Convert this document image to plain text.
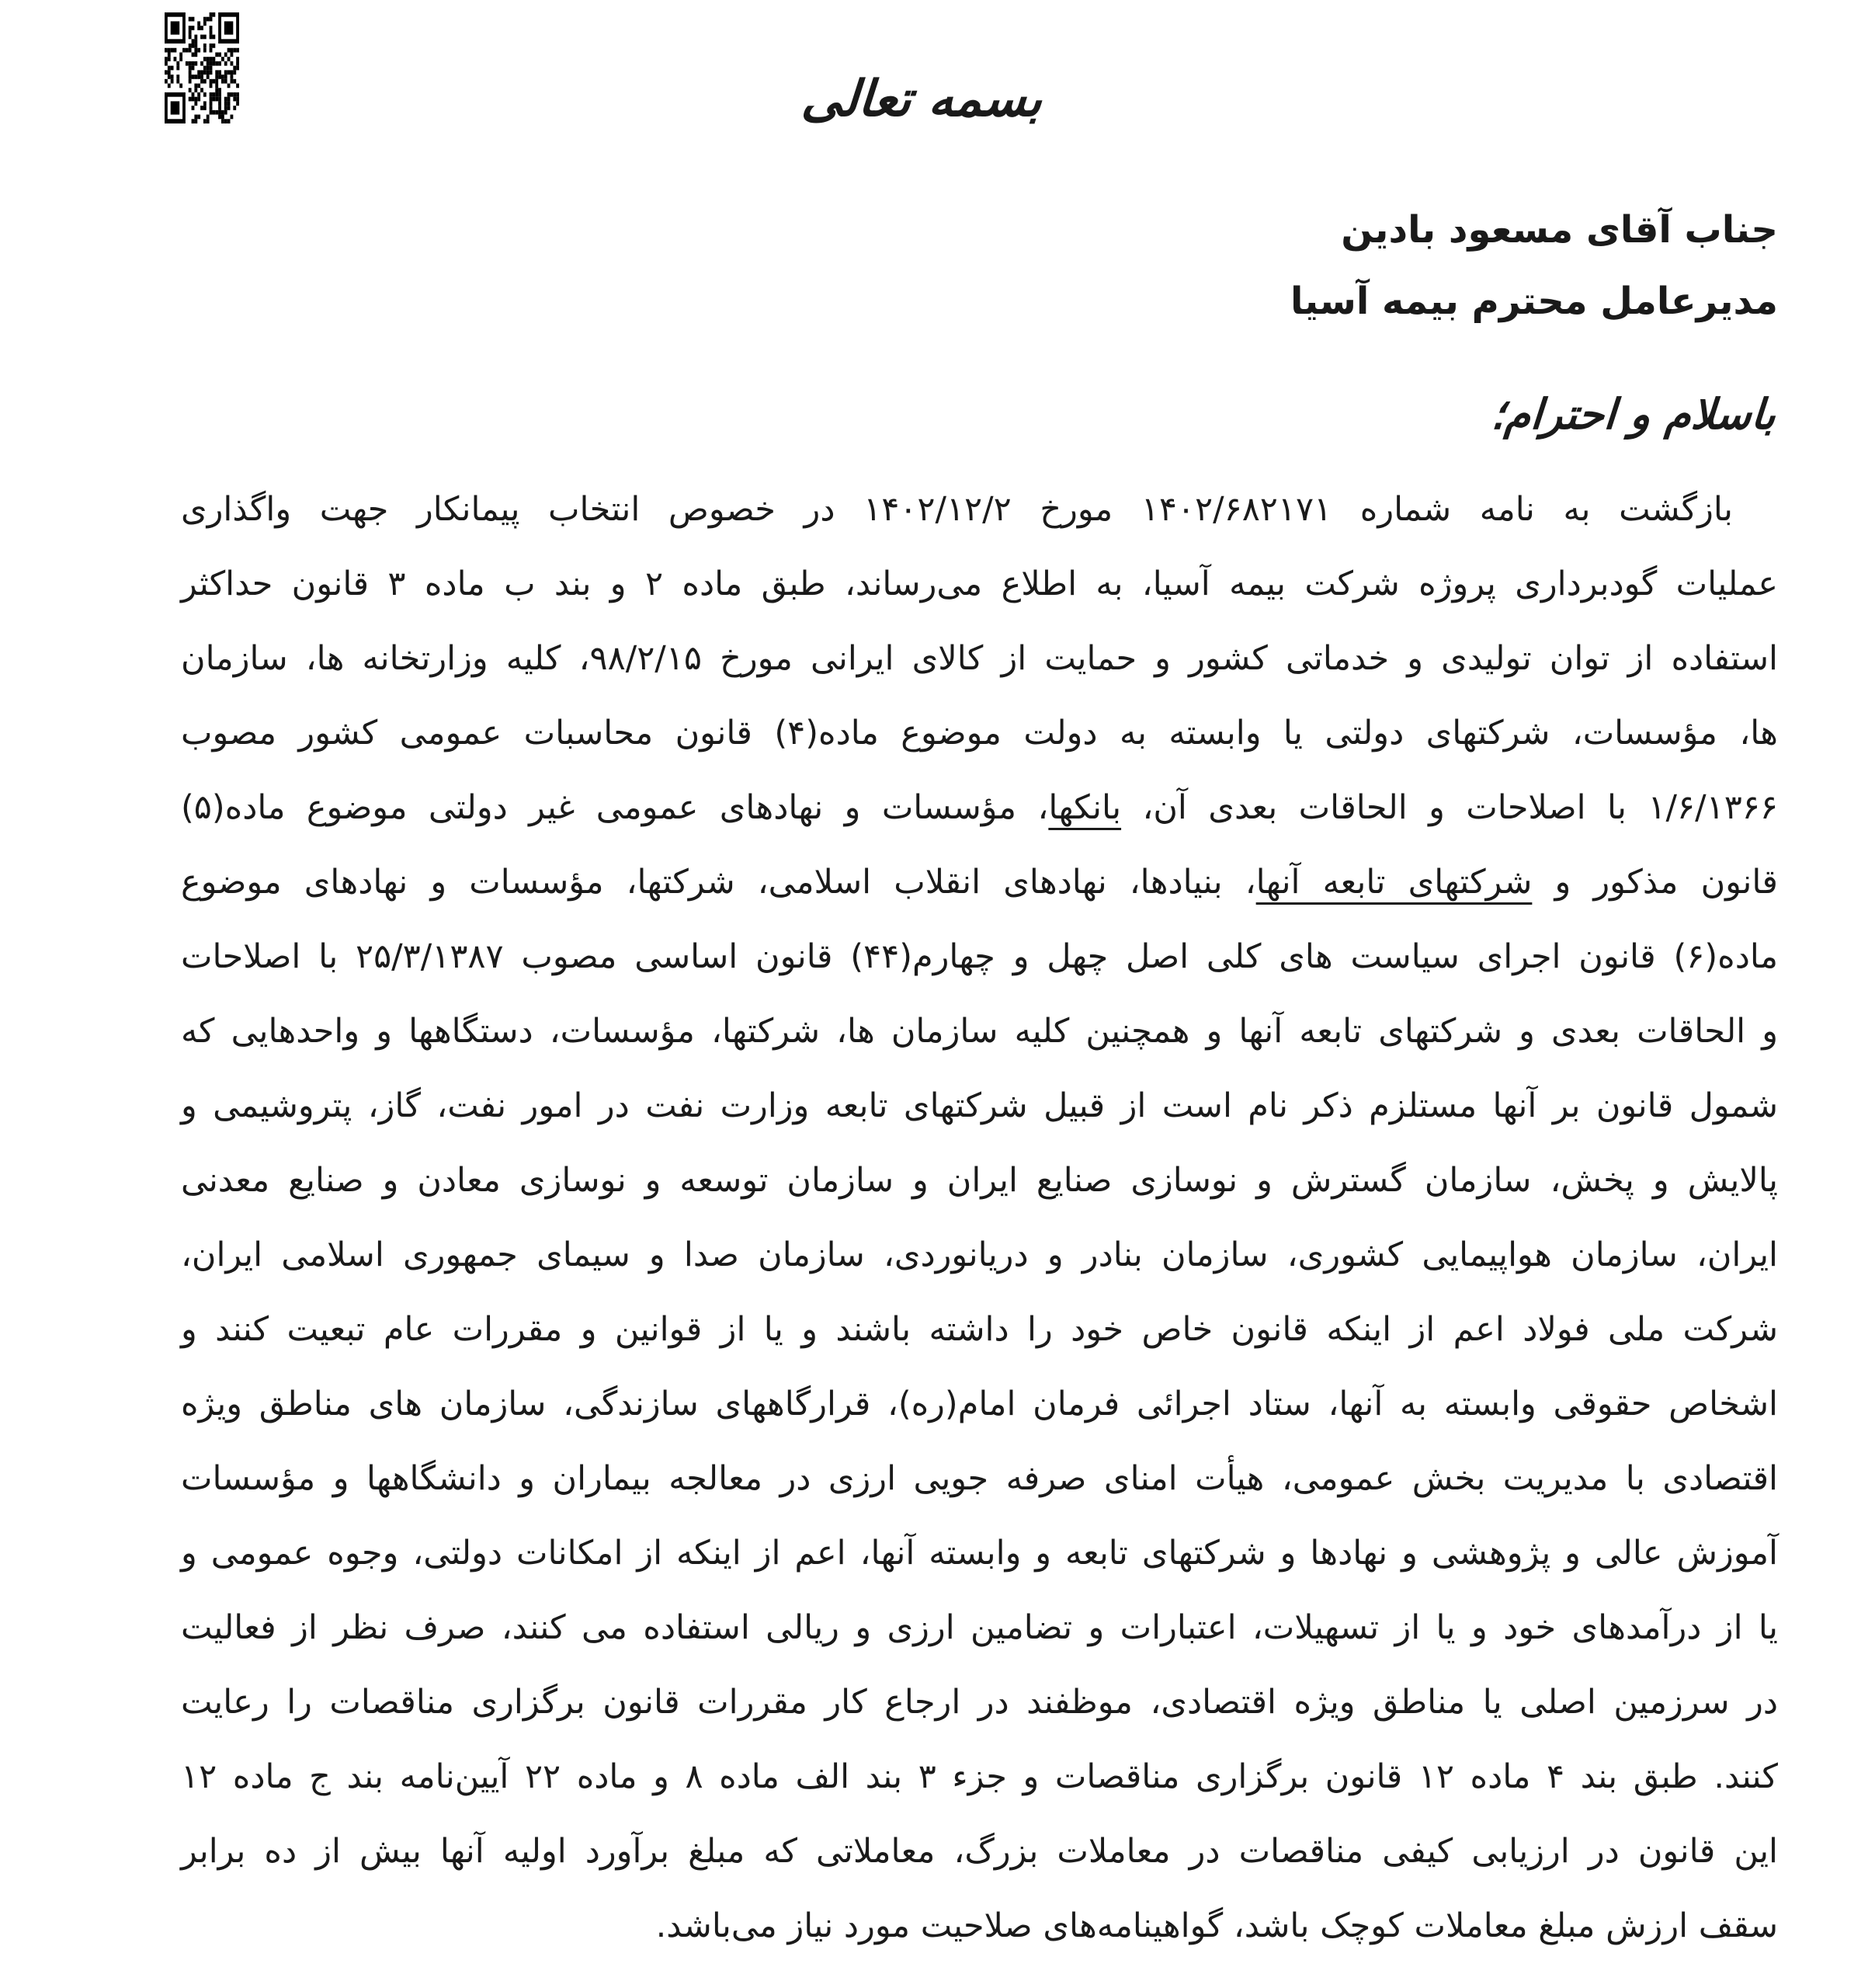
بسمه تعالی
جناب آقای مسعود بادین
مدیرعامل محترم بیمه آسیا
باسلام و احترام؛
بازگشت به نامه شماره ۱۴۰۲/۶۸۲۱۷۱ مورخ ۱۴۰۲/۱۲/۲ در خصوص انتخاب پیمانکار جهت واگذاری
عملیات گودبرداری پروژه شرکت بیمه آسیا، به اطلاع می‌رساند، طبق ماده ۲ و بند ب ماده ۳ قانون حداکثر
استفاده از توان تولیدی و خدماتی کشور و حمایت از کالای ایرانی مورخ ۹۸/۲/۱۵، کلیه وزارتخانه ها، سازمان
ها، مؤسسات، شرکتهای دولتی یا وابسته به دولت موضوع ماده(۴) قانون محاسبات عمومی کشور مصوب
۱/۶/۱۳۶۶ با اصلاحات و الحاقات بعدی آن، بانکها، مؤسسات و نهادهای عمومی غیر دولتی موضوع ماده(۵)
قانون مذکور و شرکتهای تابعه آنها، بنیادها، نهادهای انقلاب اسلامی، شرکتها، مؤسسات و نهادهای موضوع
ماده(۶) قانون اجرای سیاست های کلی اصل چهل و چهارم(۴۴) قانون اساسی مصوب ۲۵/۳/۱۳۸۷ با اصلاحات
و الحاقات بعدی و شرکتهای تابعه آنها و همچنین کلیه سازمان ها، شرکتها، مؤسسات، دستگاهها و واحدهایی که
شمول قانون بر آنها مستلزم ذکر نام است از قبیل شرکتهای تابعه وزارت نفت در امور نفت، گاز، پتروشیمی و
پالایش و پخش، سازمان گسترش و نوسازی صنایع ایران و سازمان توسعه و نوسازی معادن و صنایع معدنی
ایران، سازمان هواپیمایی کشوری، سازمان بنادر و دریانوردی، سازمان صدا و سیمای جمهوری اسلامی ایران،
شرکت ملی فولاد اعم از اینکه قانون خاص خود را داشته باشند و یا از قوانین و مقررات عام تبعیت کنند و
اشخاص حقوقی وابسته به آنها، ستاد اجرائی فرمان امام(ره)، قرارگاههای سازندگی، سازمان های مناطق ویژه
اقتصادی با مدیریت بخش عمومی، هیأت امنای صرفه جویی ارزی در معالجه بیماران و دانشگاهها و مؤسسات
آموزش عالی و پژوهشی و نهادها و شرکتهای تابعه و وابسته آنها، اعم از اینکه از امکانات دولتی، وجوه عمومی و
یا از درآمدهای خود و یا از تسهیلات، اعتبارات و تضامین ارزی و ریالی استفاده می کنند، صرف نظر از فعالیت
در سرزمین اصلی یا مناطق ویژه اقتصادی، موظفند در ارجاع کار مقررات قانون برگزاری مناقصات را رعایت
کنند. طبق بند ۴ ماده ۱۲ قانون برگزاری مناقصات و جزء ۳ بند الف ماده ۸ و ماده ۲۲ آیین‌نامه بند ج ماده ۱۲
این قانون در ارزیابی کیفی مناقصات در معاملات بزرگ، معاملاتی که مبلغ برآورد اولیه آنها بیش از ده برابر
سقف ارزش مبلغ معاملات کوچک باشد، گواهینامه‌های صلاحیت مورد نیاز می‌باشد.
